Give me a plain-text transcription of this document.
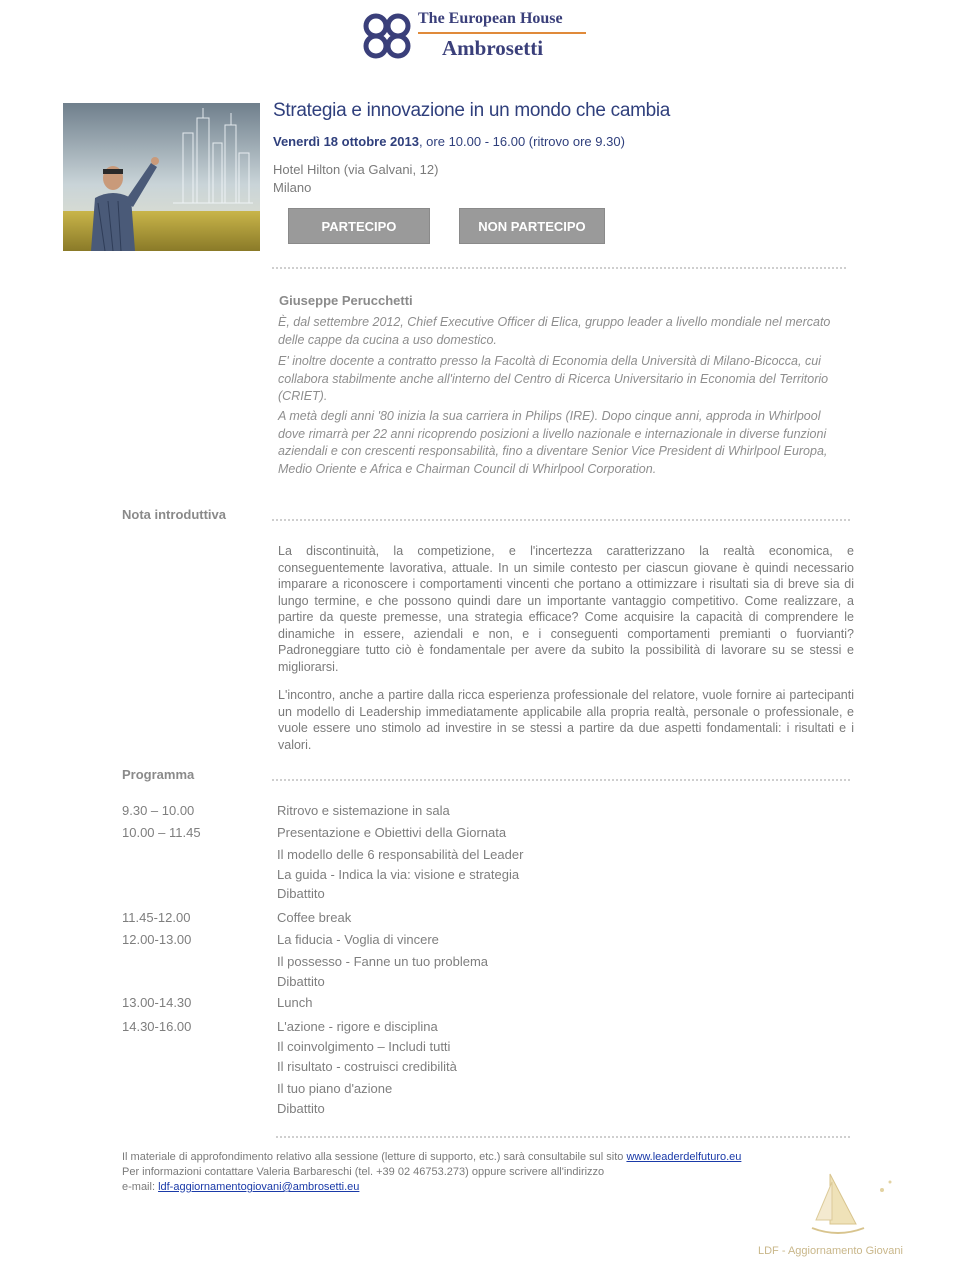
The European House
Ambrosetti
Strategia e innovazione in un mondo che cambia
Venerdì 18 ottobre 2013, ore 10.00 - 16.00 (ritrovo ore 9.30)
Hotel Hilton (via Galvani, 12)
Milano
PARTECIPO	NON PARTECIPO
Giuseppe Perucchetti
È, dal settembre 2012, Chief Executive Officer di Elica, gruppo leader a livello mondiale nel mercato delle cappe da cucina a uso domestico.
E' inoltre docente a contratto presso la Facoltà di Economia della Università di Milano-Bicocca, cui collabora stabilmente anche all'interno del Centro di Ricerca Universitario in Economia del Territorio (CRIET).
A metà degli anni '80 inizia la sua carriera in Philips (IRE). Dopo cinque anni, approda in Whirlpool dove rimarrà per 22 anni ricoprendo posizioni a livello nazionale e internazionale in diverse funzioni aziendali e con crescenti responsabilità, fino a diventare Senior Vice President di Whirlpool Europa, Medio Oriente e Africa e Chairman Council di Whirlpool Corporation.
Nota introduttiva
La discontinuità, la competizione, e l'incertezza caratterizzano la realtà economica, e conseguentemente lavorativa, attuale. In un simile contesto per ciascun giovane è quindi necessario imparare a riconoscere i comportamenti vincenti che portano a ottimizzare i risultati sia di breve sia di lungo termine, e che possono quindi dare un importante vantaggio competitivo. Come realizzare, a partire da queste premesse, una strategia efficace? Come acquisire la capacità di comprendere le dinamiche in essere, aziendali e non, e i conseguenti comportamenti premianti o fuorvianti? Padroneggiare tutto ciò è fondamentale per avere da subito la possibilità di lavorare su se stessi e migliorarsi.
L'incontro, anche a partire dalla ricca esperienza professionale del relatore, vuole fornire ai partecipanti un modello di Leadership immediatamente applicabile alla propria realtà, personale o professionale, e vuole essere uno stimolo ad investire in se stessi a partire da due aspetti fondamentali: i risultati e i valori.
Programma
9.30 – 10.00
10.00 – 11.45
11.45-12.00
12.00-13.00
13.00-14.30
14.30-16.00
Ritrovo e sistemazione in sala
Presentazione e Obiettivi della Giornata
Il modello delle 6 responsabilità del Leader
La guida - Indica la via: visione e strategia
Dibattito
Coffee break
La fiducia - Voglia di vincere
Il possesso - Fanne un tuo problema
Dibattito
Lunch
L'azione - rigore e disciplina
Il coinvolgimento – Includi tutti
Il risultato - costruisci credibilità
Il tuo piano d'azione
Dibattito
Il materiale di approfondimento relativo alla sessione (letture di supporto, etc.) sarà consultabile sul sito www.leaderdelfuturo.eu
Per informazioni contattare Valeria Barbareschi (tel. +39 02 46753.273) oppure scrivere all'indirizzo
e-mail: ldf-aggiornamentogiovani@ambrosetti.eu
LDF - Aggiornamento Giovani
